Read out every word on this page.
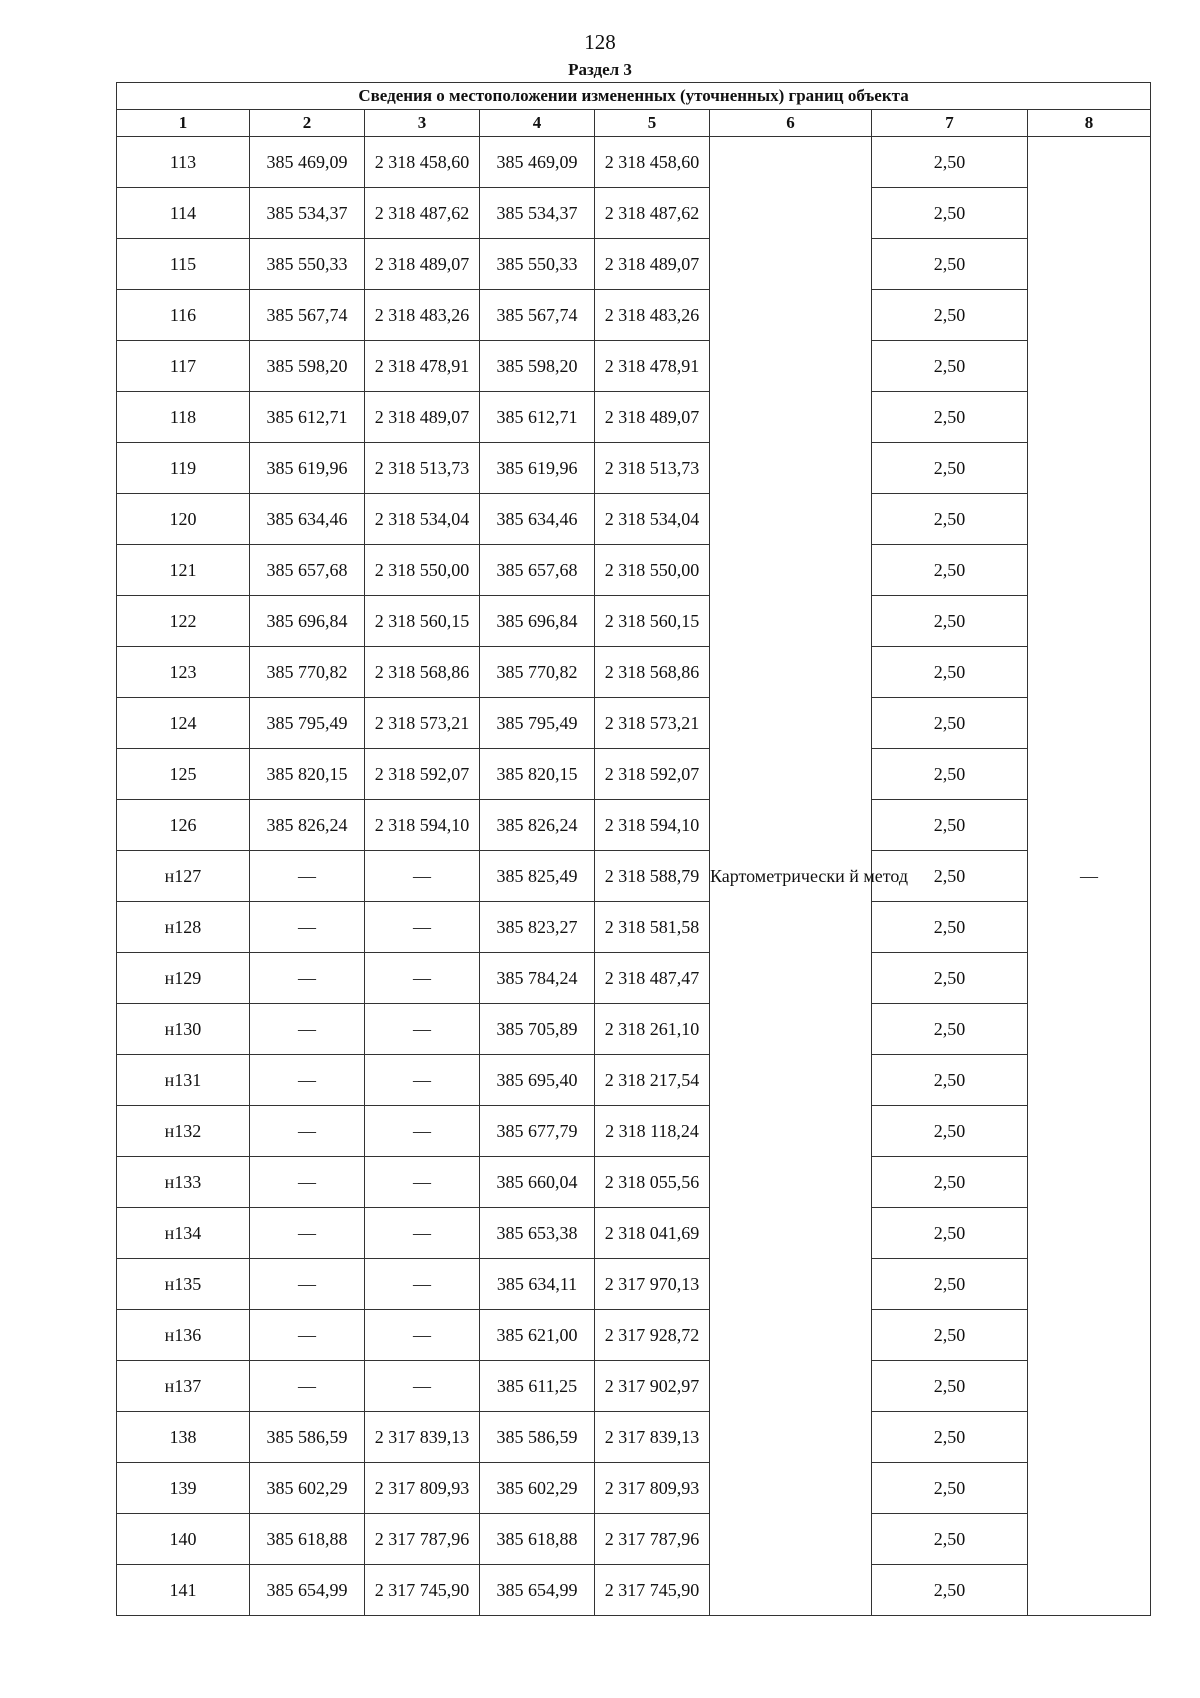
128
Раздел 3
Сведения о местоположении измененных (уточненных) границ объекта							
1	2	3	4	5	6	7	8
113	385 469,09	2 318 458,60	385 469,09	2 318 458,60	Картометрически й метод	2,50	—
114	385 534,37	2 318 487,62	385 534,37	2 318 487,62		2,50	
115	385 550,33	2 318 489,07	385 550,33	2 318 489,07		2,50	
116	385 567,74	2 318 483,26	385 567,74	2 318 483,26		2,50	
117	385 598,20	2 318 478,91	385 598,20	2 318 478,91		2,50	
118	385 612,71	2 318 489,07	385 612,71	2 318 489,07		2,50	
119	385 619,96	2 318 513,73	385 619,96	2 318 513,73		2,50	
120	385 634,46	2 318 534,04	385 634,46	2 318 534,04		2,50	
121	385 657,68	2 318 550,00	385 657,68	2 318 550,00		2,50	
122	385 696,84	2 318 560,15	385 696,84	2 318 560,15		2,50	
123	385 770,82	2 318 568,86	385 770,82	2 318 568,86		2,50	
124	385 795,49	2 318 573,21	385 795,49	2 318 573,21		2,50	
125	385 820,15	2 318 592,07	385 820,15	2 318 592,07		2,50	
126	385 826,24	2 318 594,10	385 826,24	2 318 594,10		2,50	
н127	—	—	385 825,49	2 318 588,79		2,50	
н128	—	—	385 823,27	2 318 581,58		2,50	
н129	—	—	385 784,24	2 318 487,47		2,50	
н130	—	—	385 705,89	2 318 261,10		2,50	
н131	—	—	385 695,40	2 318 217,54		2,50	
н132	—	—	385 677,79	2 318 118,24		2,50	
н133	—	—	385 660,04	2 318 055,56		2,50	
н134	—	—	385 653,38	2 318 041,69		2,50	
н135	—	—	385 634,11	2 317 970,13		2,50	
н136	—	—	385 621,00	2 317 928,72		2,50	
н137	—	—	385 611,25	2 317 902,97		2,50	
138	385 586,59	2 317 839,13	385 586,59	2 317 839,13		2,50	
139	385 602,29	2 317 809,93	385 602,29	2 317 809,93		2,50	
140	385 618,88	2 317 787,96	385 618,88	2 317 787,96		2,50	
141	385 654,99	2 317 745,90	385 654,99	2 317 745,90		2,50	
